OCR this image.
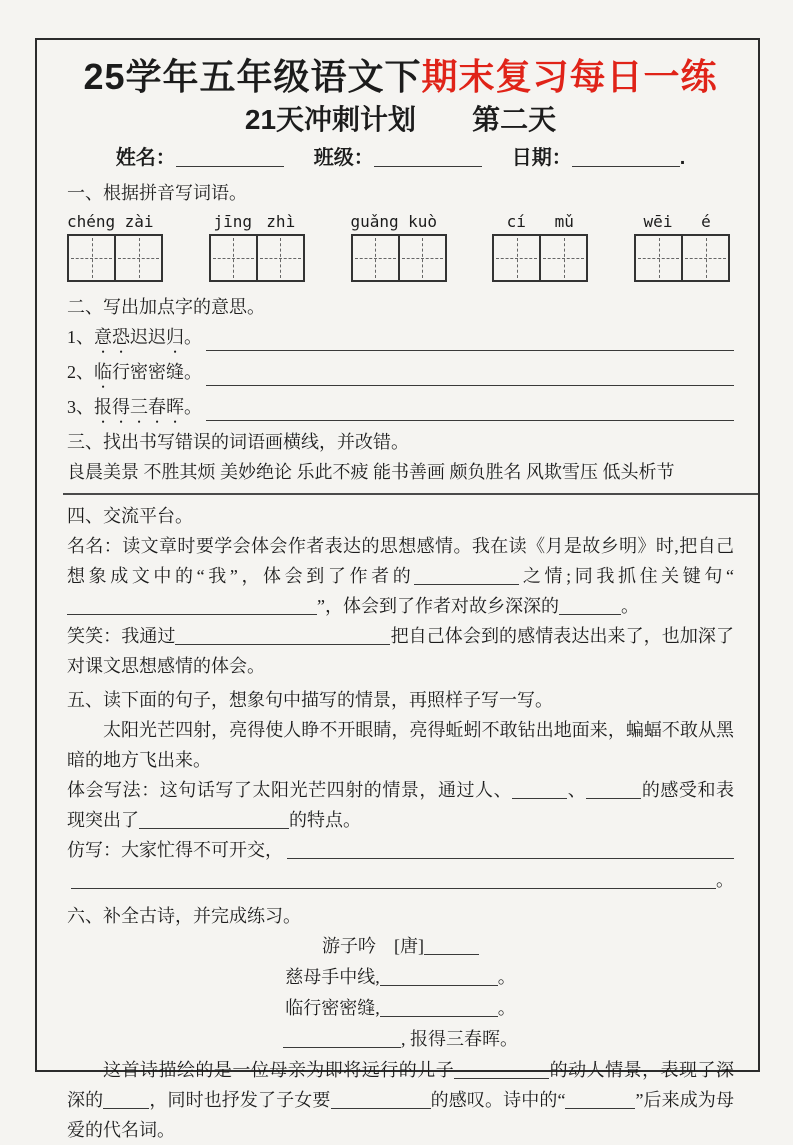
25学年五年级语文下期末复习每日一练
21天冲刺计划 第二天
姓名：	班级：	日期：	.
一、根据拼音写词语。
chéng zài	jīng zhì	guǎng kuò	cí	mǔ	wēi	é
二、写出加点字的意思。
1、意恐迟迟归。
2、临行密密缝。
3、报得三春晖。
三、找出书写错误的词语画横线，并改错。
良晨美景 不胜其烦 美妙绝论 乐此不疲 能书善画 颇负胜名 风欺雪压 低头析节
四、交流平台。

名名：读文章时要学会体会作者表达的思想感情。我在读《月是故乡明》时,把自己想象成文中的“我”，体会到了作者的	之情;同我抓住关键句“”，体会到了作者对故乡深深的	。

笑笑：我通过	把自己体会到的感情表达出来了，也加深了对课文思想感情的体会。

五、读下面的句子，想象句中描写的情景，再照样子写一写。

太阳光芒四射，亮得使人睁不开眼睛，亮得蚯蚓不敢钻出地面来，蝙蝠不敢从黑暗的地方飞出来。

体会写法：这句话写了太阳光芒四射的情景，通过人、	、	的感受和表现突出了	的特点。

仿写：大家忙得不可开交，
。
六、补全古诗，并完成练习。
游子吟 [唐]
慈母手中线,	。
临行密密缝,	。
, 报得三春晖。

这首诗描绘的是一位母亲为即将远行的儿子	的动人情景，表现了深深的	，同时也抒发了子女要	的感叹。诗中的“	”后来成为母爱的代名词。
